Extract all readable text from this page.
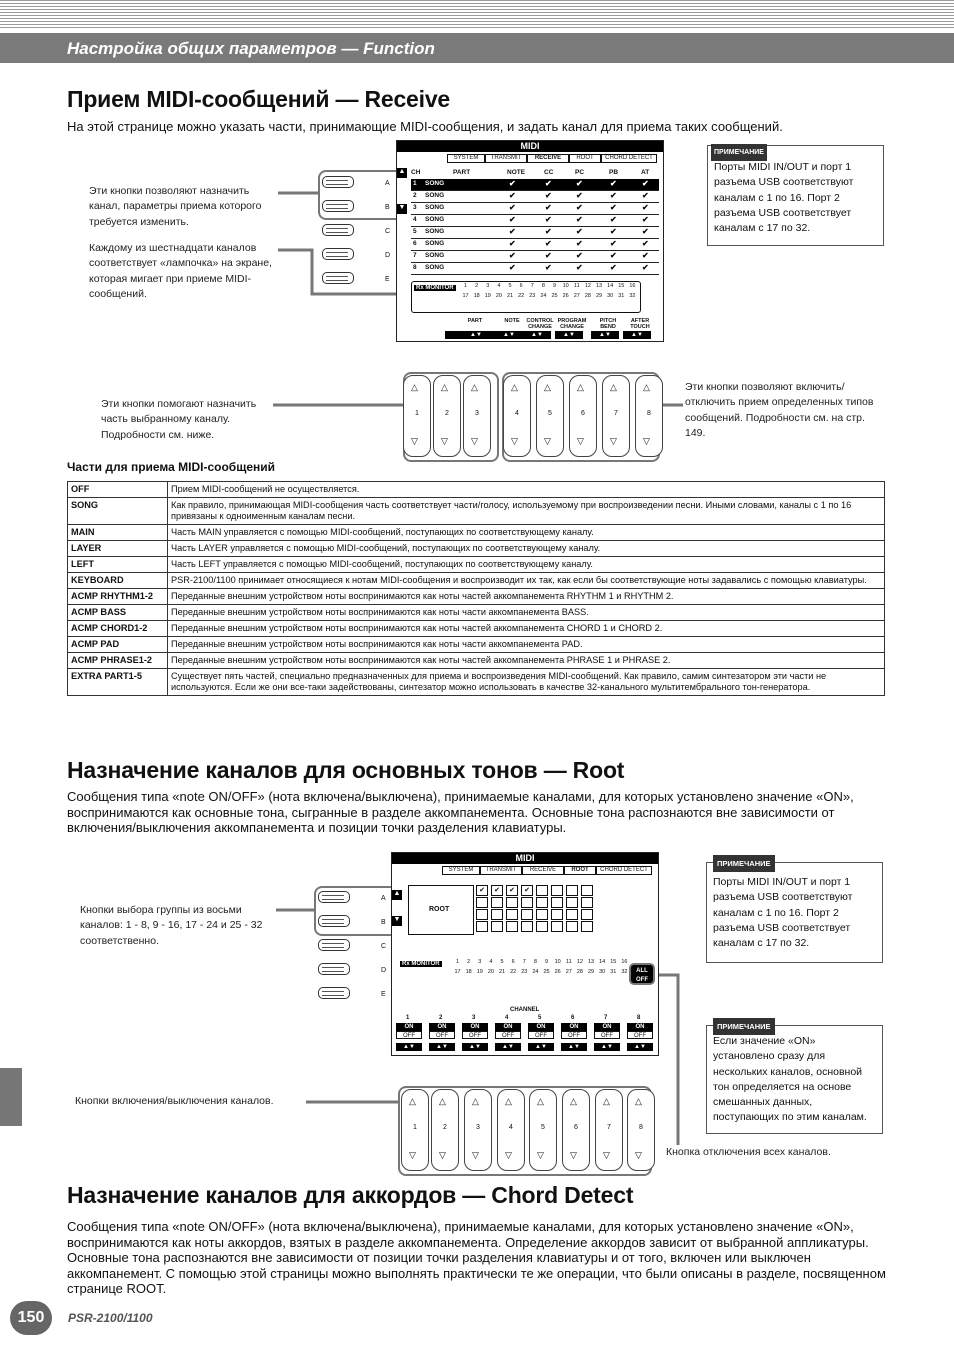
Настройка общих параметров — Function
Прием MIDI-сообщений — Receive
На этой странице можно указать части, принимающие MIDI-сообщения, и задать канал для приема таких сообщений.
Эти кнопки позволяют назначить канал, параметры приема которого требуется изменить.
Каждому из шестнадцати каналов соответствует «лампочка» на экране, которая мигает при приеме MIDI-сообщений.
A
B
C
D
E
MIDI
SYSTEM	TRANSMIT	RECEIVE	ROOT	CHORD DETECT
CH	PART	NOTE	CC	PC	PB	AT
▲
▼
1 SONG	✔	✔	✔	✔	✔
2 SONG	✔	✔	✔	✔	✔
3 SONG	✔	✔	✔	✔	✔
4 SONG	✔	✔	✔	✔	✔
5 SONG	✔	✔	✔	✔	✔
6 SONG	✔	✔	✔	✔	✔
7 SONG	✔	✔	✔	✔	✔
8 SONG	✔	✔	✔	✔	✔
Rx MONITOR	1	2	3	4	5	6	7	8	9	10 11 12 13 14 15 16
17 18 19 20 21 22 23 24 25 26 27 28 29 30 31 32
PART
▲▼
NOTE
▲▼
CONTROL CHANGE
▲▼
PROGRAM CHANGE
▲▼
PITCH BEND
▲▼
AFTER TOUCH
▲▼
ПРИМЕЧАНИЕ
Порты MIDI IN/OUT и порт 1 разъема USB соответствуют каналам с 1 по 16. Порт 2 разъема USB соответствует каналам с 17 по 32.
Эти кнопки помогают назначить часть выбранному каналу. Подробности см. ниже.
△
1
▽
△
2
▽
△
3
▽
△
4
▽
△
5
▽
△
6
▽
△
7
▽
△
8
▽
Эти кнопки позволяют включить/отключить прием определенных типов сообщений. Подробности см. на стр. 149.
Части для приема MIDI-сообщений
OFF	Прием MIDI-сообщений не осуществляется.
SONG	Как правило, принимающая MIDI-сообщения часть соответствует части/голосу, используемому при воспроизведении песни. Иными словами, каналы с 1 по 16 привязаны к одноименным каналам песни.
MAIN	Часть MAIN управляется с помощью MIDI-сообщений, поступающих по соответствующему каналу.
LAYER	Часть LAYER управляется с помощью MIDI-сообщений, поступающих по соответствующему каналу.
LEFT	Часть LEFT управляется с помощью MIDI-сообщений, поступающих по соответствующему каналу.
KEYBOARD	PSR-2100/1100 принимает относящиеся к нотам MIDI-сообщения и воспроизводит их так, как если бы соответствующие ноты задавались с помощью клавиатуры.
ACMP RHYTHM1-2	Переданные внешним устройством ноты воспринимаются как ноты частей аккомпанемента RHYTHM 1 и RHYTHM 2.
ACMP BASS	Переданные внешним устройством ноты воспринимаются как ноты части аккомпанемента BASS.
ACMP CHORD1-2	Переданные внешним устройством ноты воспринимаются как ноты частей аккомпанемента CHORD 1 и CHORD 2.
ACMP PAD	Переданные внешним устройством ноты воспринимаются как ноты части аккомпанемента PAD.
ACMP PHRASE1-2	Переданные внешним устройством ноты воспринимаются как ноты частей аккомпанемента PHRASE 1 и PHRASE 2.
EXTRA PART1-5	Существует пять частей, специально предназначенных для приема и воспроизведения MIDI-сообщений. Как правило, самим синтезатором эти части не используются. Если же они все-таки задействованы, синтезатор можно использовать в качестве 32-канального мультитембрального тон-генератора.
Назначение каналов для основных тонов — Root
Сообщения типа «note ON/OFF» (нота включена/выключена), принимаемые каналами, для которых установлено значение «ON», воспринимаются как основные тона, сыгранные в разделе аккомпанемента. Основные тона распознаются вне зависимости от включения/выключения аккомпанемента и позиции точки разделения клавиатуры.
Кнопки выбора группы из восьми каналов: 1 - 8, 9 - 16, 17 - 24 и 25 - 32 соответственно.
A
B
C
D
E
MIDI
SYSTEM	TRANSMIT	RECEIVE	ROOT	CHORD DETECT
▲
▼
ROOT
✔	✔	✔	✔
Rx MONITOR	1	2	3	4	5	6	7	8	9	10 11 12 13 14 15 16
17 18 19 20 21 22 23 24 25 26 27 28 29 30 31 32	ALL OFF
CHANNEL
1
ON
OFF
▲▼
2
ON
OFF
▲▼
3
ON
OFF
▲▼
4
ON
OFF
▲▼
5
ON
OFF
▲▼
6
ON
OFF
▲▼
7
ON
OFF
▲▼
8
ON
OFF
▲▼
ПРИМЕЧАНИЕ
Порты MIDI IN/OUT и порт 1 разъема USB соответствуют каналам с 1 по 16. Порт 2 разъема USB соответствует каналам с 17 по 32.
ПРИМЕЧАНИЕ
Если значение «ON» установлено сразу для нескольких каналов, основной тон определяется на основе смешанных данных, поступающих по этим каналам.
Кнопки включения/выключения каналов.	△
1
▽
△
2
▽
△
3
▽
△
4
▽
△
5
▽
△
6
▽
△
7
▽
△
8
▽ Кнопка отключения всех каналов.
Назначение каналов для аккордов — Chord Detect
Сообщения типа «note ON/OFF» (нота включена/выключена), принимаемые каналами, для которых установлено значение «ON», воспринимаются как ноты аккордов, взятых в разделе аккомпанемента. Определение аккордов зависит от выбранной аппликатуры. Основные тона распознаются вне зависимости от позиции точки разделения клавиатуры и от того, включен или выключен аккомпанемент. С помощью этой страницы можно выполнять практически те же операции, что были описаны в разделе, посвященном странице ROOT.
150	PSR-2100/1100
